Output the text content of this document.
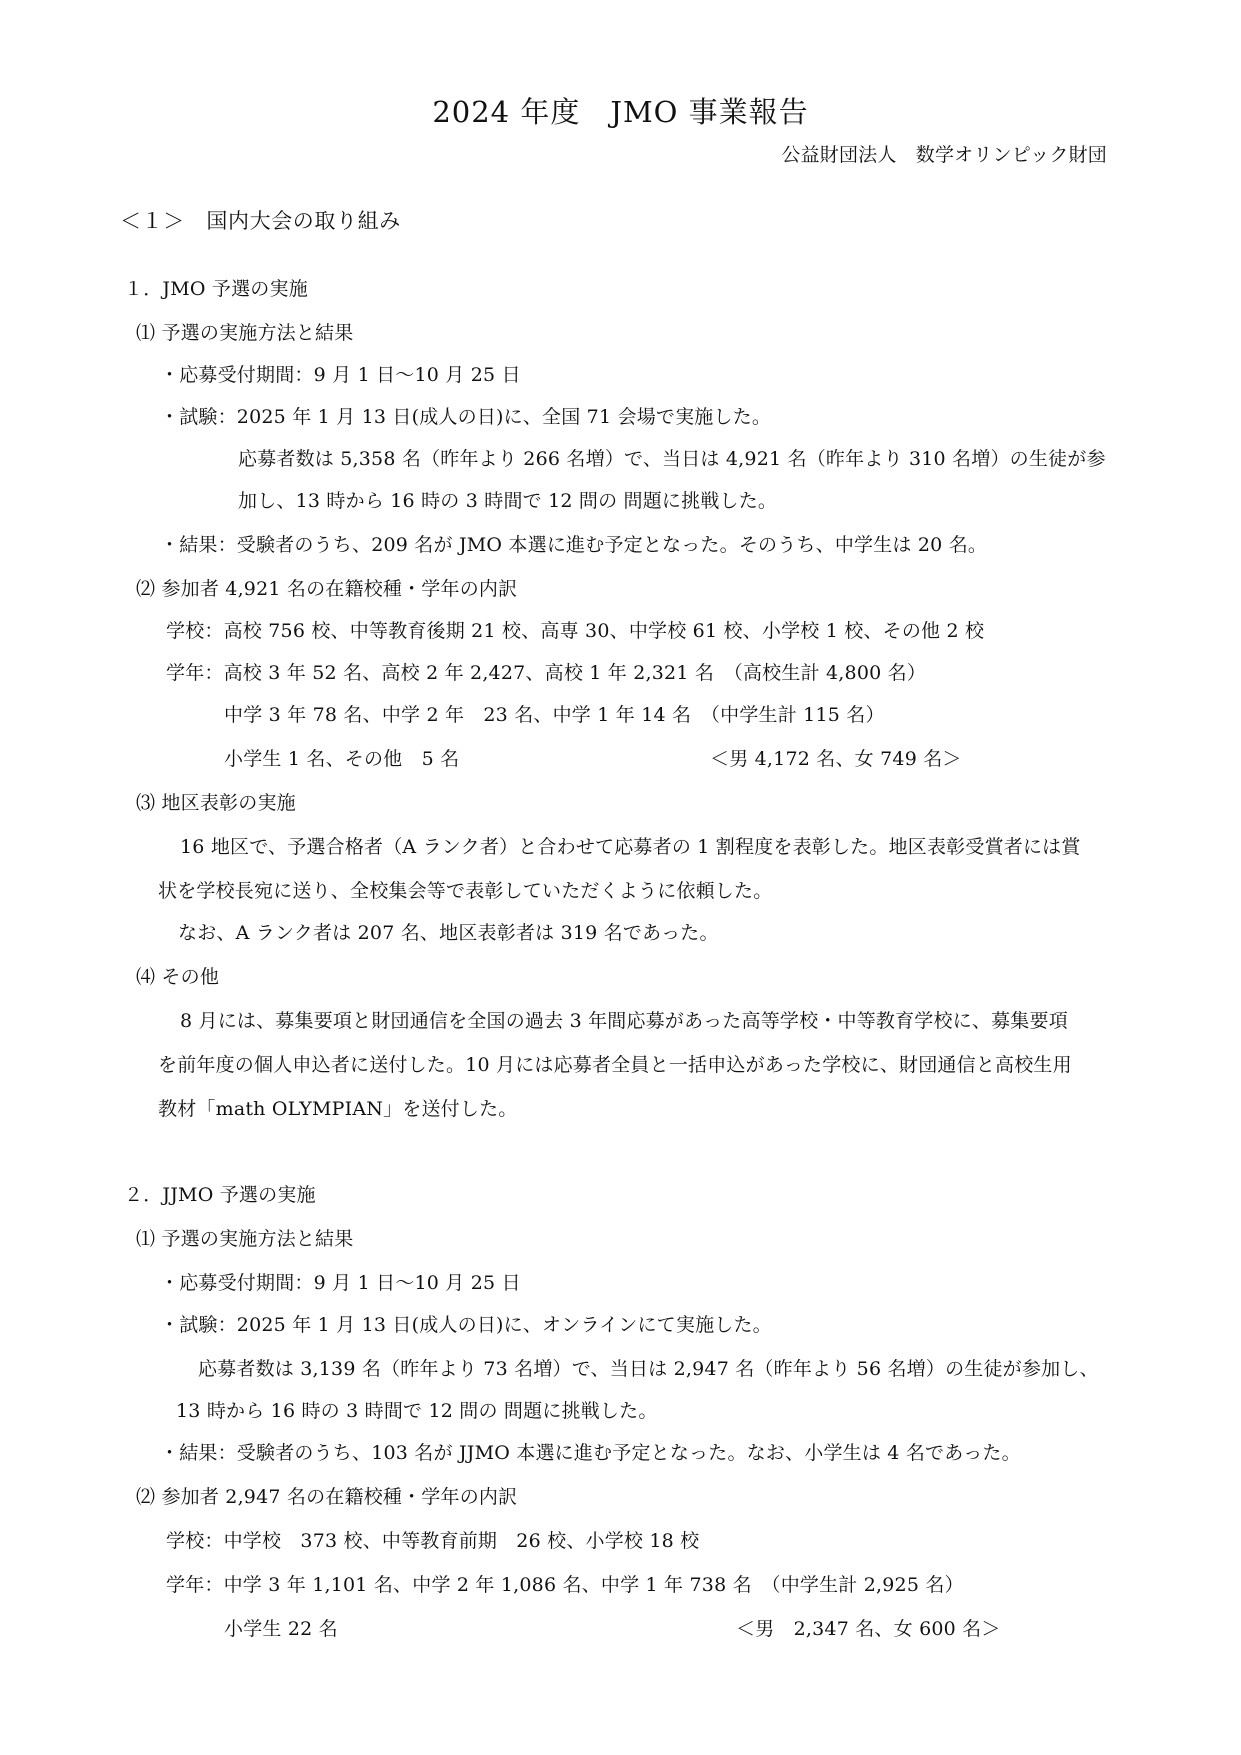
2024 年度　JMO 事業報告
公益財団法人　数学オリンピック財団
＜１＞　国内大会の取り組み
１．JMO 予選の実施
⑴ 予選の実施方法と結果
・応募受付期間：9 月 1 日〜10 月 25 日
・試験：2025 年 1 月 13 日(成人の日)に、全国 71 会場で実施した。
応募者数は 5,358 名（昨年より 266 名増）で、当日は 4,921 名（昨年より 310 名増）の生徒が参
加し、13 時から 16 時の 3 時間で 12 問の 問題に挑戦した。
・結果：受験者のうち、209 名が JMO 本選に進む予定となった。そのうち、中学生は 20 名。
⑵ 参加者 4,921 名の在籍校種・学年の内訳
学校：高校 756 校、中等教育後期 21 校、高専 30、中学校 61 校、小学校 1 校、その他 2 校
学年：高校 3 年 52 名、高校 2 年 2,427、高校 1 年 2,321 名　（高校生計 4,800 名）
中学 3 年 78 名、中学 2 年　23 名、中学 1 年 14 名　（中学生計 115 名）
小学生 1 名、その他　5 名	＜男 4,172 名、女 749 名＞
⑶ 地区表彰の実施
16 地区で、予選合格者（A ランク者）と合わせて応募者の 1 割程度を表彰した。地区表彰受賞者には賞
状を学校長宛に送り、全校集会等で表彰していただくように依頼した。
なお、A ランク者は 207 名、地区表彰者は 319 名であった。
⑷ その他
8 月には、募集要項と財団通信を全国の過去 3 年間応募があった高等学校・中等教育学校に、募集要項
を前年度の個人申込者に送付した。10 月には応募者全員と一括申込があった学校に、財団通信と高校生用
教材「math OLYMPIAN」を送付した。
２．JJMO 予選の実施
⑴ 予選の実施方法と結果
・応募受付期間：9 月 1 日〜10 月 25 日
・試験：2025 年 1 月 13 日(成人の日)に、オンラインにて実施した。
応募者数は 3,139 名（昨年より 73 名増）で、当日は 2,947 名（昨年より 56 名増）の生徒が参加し、
13 時から 16 時の 3 時間で 12 問の 問題に挑戦した。
・結果：受験者のうち、103 名が JJMO 本選に進む予定となった。なお、小学生は 4 名であった。
⑵ 参加者 2,947 名の在籍校種・学年の内訳
学校：中学校　373 校、中等教育前期　26 校、小学校 18 校
学年：中学 3 年 1,101 名、中学 2 年 1,086 名、中学 1 年 738 名　（中学生計 2,925 名）
小学生 22 名	＜男　2,347 名、女 600 名＞
